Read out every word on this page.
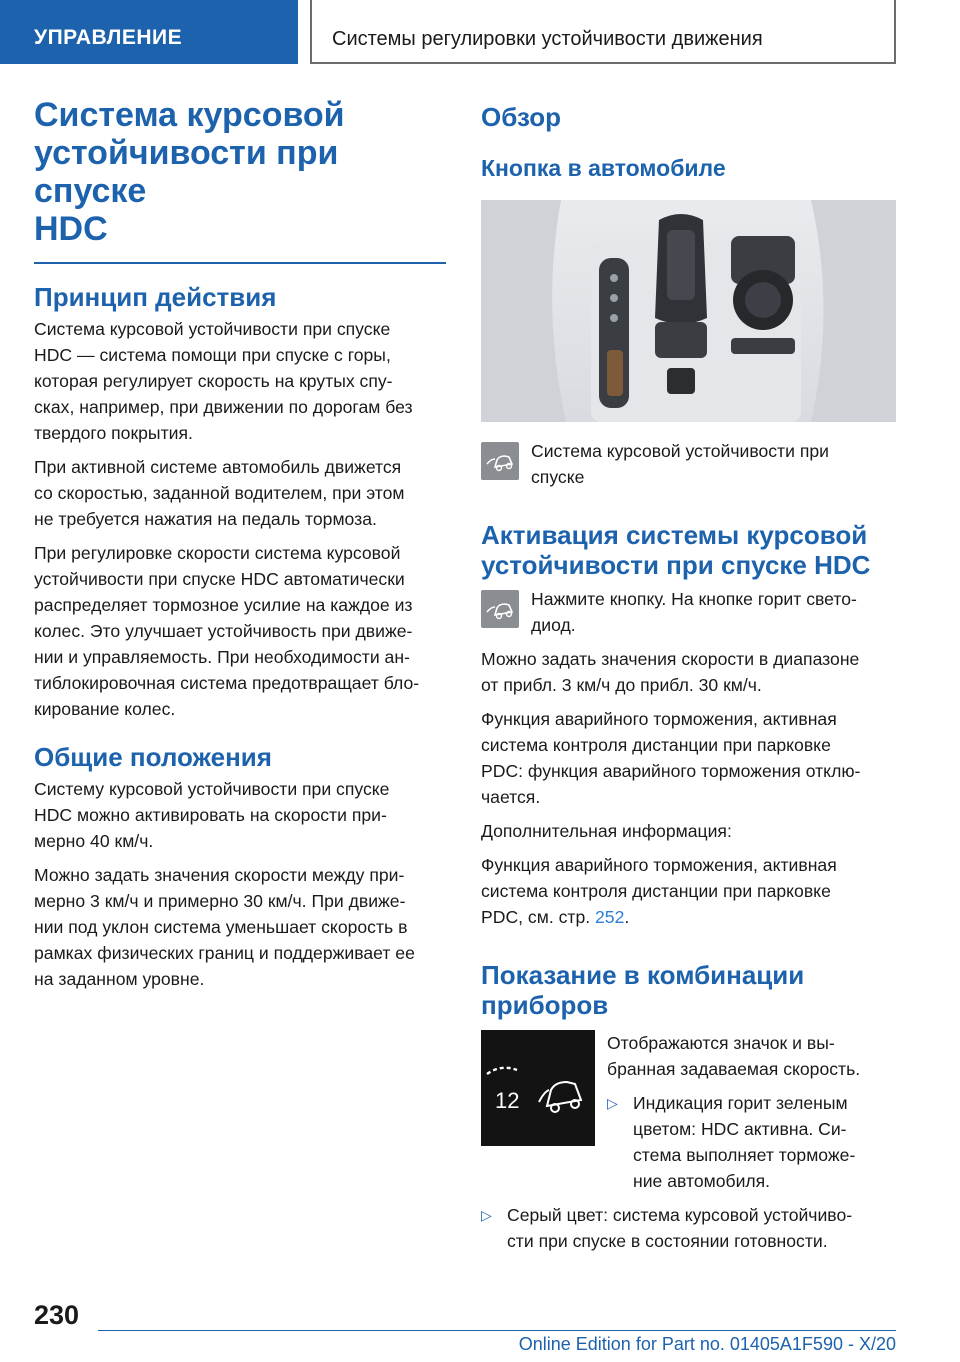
УПРАВЛЕНИЕ	Системы регулировки устойчивости движения
Система курсовой
устойчивости при спуске
HDC
Принцип действия

Система курсовой устойчивости при спуске
HDC — система помощи при спуске с горы,
которая регулирует скорость на крутых спу-
сках, например, при движении по дорогам без
твердого покрытия.

При активной системе автомобиль движется
со скоростью, заданной водителем, при этом
не требуется нажатия на педаль тормоза.

При регулировке скорости система курсовой
устойчивости при спуске HDC автоматически
распределяет тормозное усилие на каждое из
колес. Это улучшает устойчивость при движе-
нии и управляемость. При необходимости ан-
тиблокировочная система предотвращает бло-
кирование колес.

Общие положения

Систему курсовой устойчивости при спуске
HDC можно активировать на скорости при-
мерно 40 км/ч.

Можно задать значения скорости между при-
мерно 3 км/ч и примерно 30 км/ч. При движе-
нии под уклон система уменьшает скорость в
рамках физических границ и поддерживает ее
на заданном уровне.

Обзор
Кнопка в автомобиле

Система курсовой устойчивости при
спуске

Активация системы курсовой
устойчивости при спуске HDC

Нажмите кнопку. На кнопке горит свето-
диод.

Можно задать значения скорости в диапазоне
от прибл. 3 км/ч до прибл. 30 км/ч.

Функция аварийного торможения, активная
система контроля дистанции при парковке
PDC: функция аварийного торможения отклю-
чается.

Дополнительная информация:

Функция аварийного торможения, активная
система контроля дистанции при парковке
PDC, см. стр. 252.

Показание в комбинации
приборов
12

Отображаются значок и вы-
бранная задаваемая скорость.

▷ Индикация горит зеленым
цветом: HDC активна. Си-
стема выполняет торможе-
ние автомобиля.

▷ Серый цвет: система курсовой устойчиво-
сти при спуске в состоянии готовности.

230
Online Edition for Part no. 01405A1F590 - X/20
